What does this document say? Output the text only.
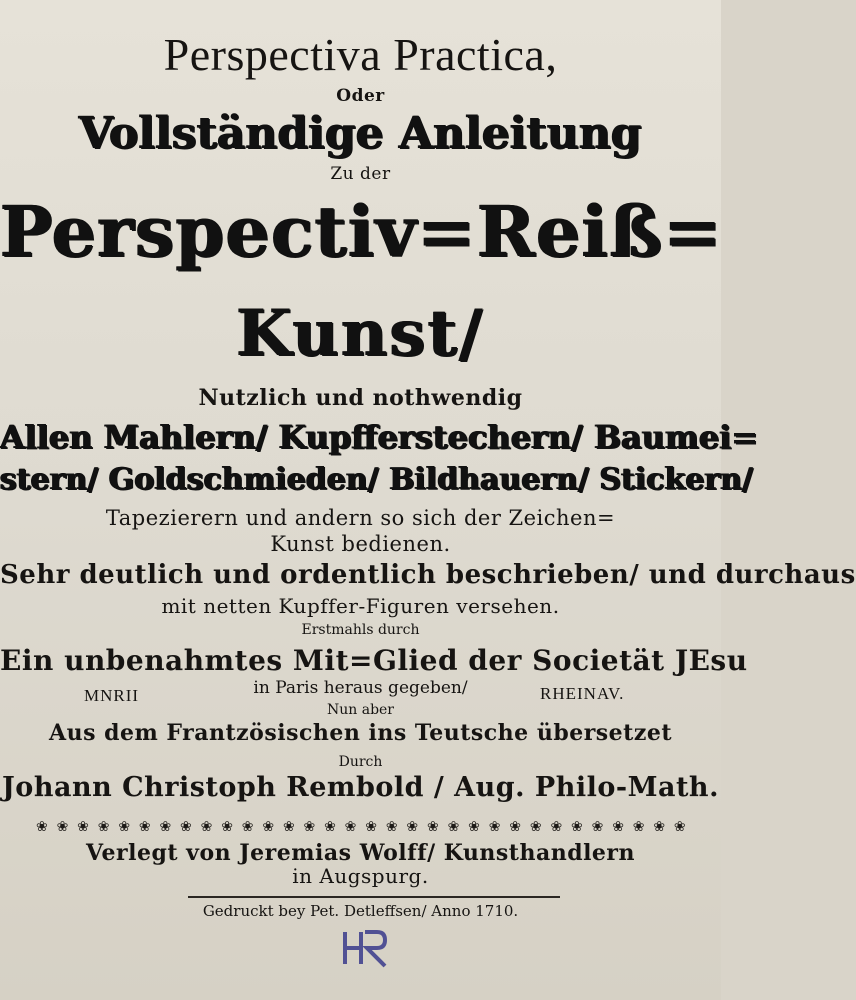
Perspectiva Practica,
Oder
Vollständige Anleitung
Zu der
Perspectiv=Reiß=
Kunst/
Nutzlich und nothwendig
Allen Mahlern/ Kupfferstechern/ Baumei=
stern/ Goldschmieden/ Bildhauern/ Stickern/
Tapezierern und andern so sich der Zeichen=
Kunst bedienen.
Sehr deutlich und ordentlich beschrieben/ und durchaus
mit netten Kupffer-Figuren versehen.
Erstmahls durch
Ein unbenahmtes Mit=Glied der Societät JEsu
MNRII	in Paris heraus gegeben/	RHEINAV.
Nun aber
Aus dem Frantzösischen ins Teutsche übersetzet
Durch
Johann Christoph Rembold / Aug. Philo-Math.
❀ ❀ ❀ ❀ ❀ ❀ ❀ ❀ ❀ ❀ ❀ ❀ ❀ ❀ ❀ ❀ ❀ ❀ ❀ ❀ ❀ ❀ ❀ ❀ ❀ ❀ ❀ ❀ ❀ ❀ ❀ ❀
Verlegt von Jeremias Wolff/ Kunsthandlern
in Augspurg.
Gedruckt bey Pet. Detleffsen/ Anno 1710.
